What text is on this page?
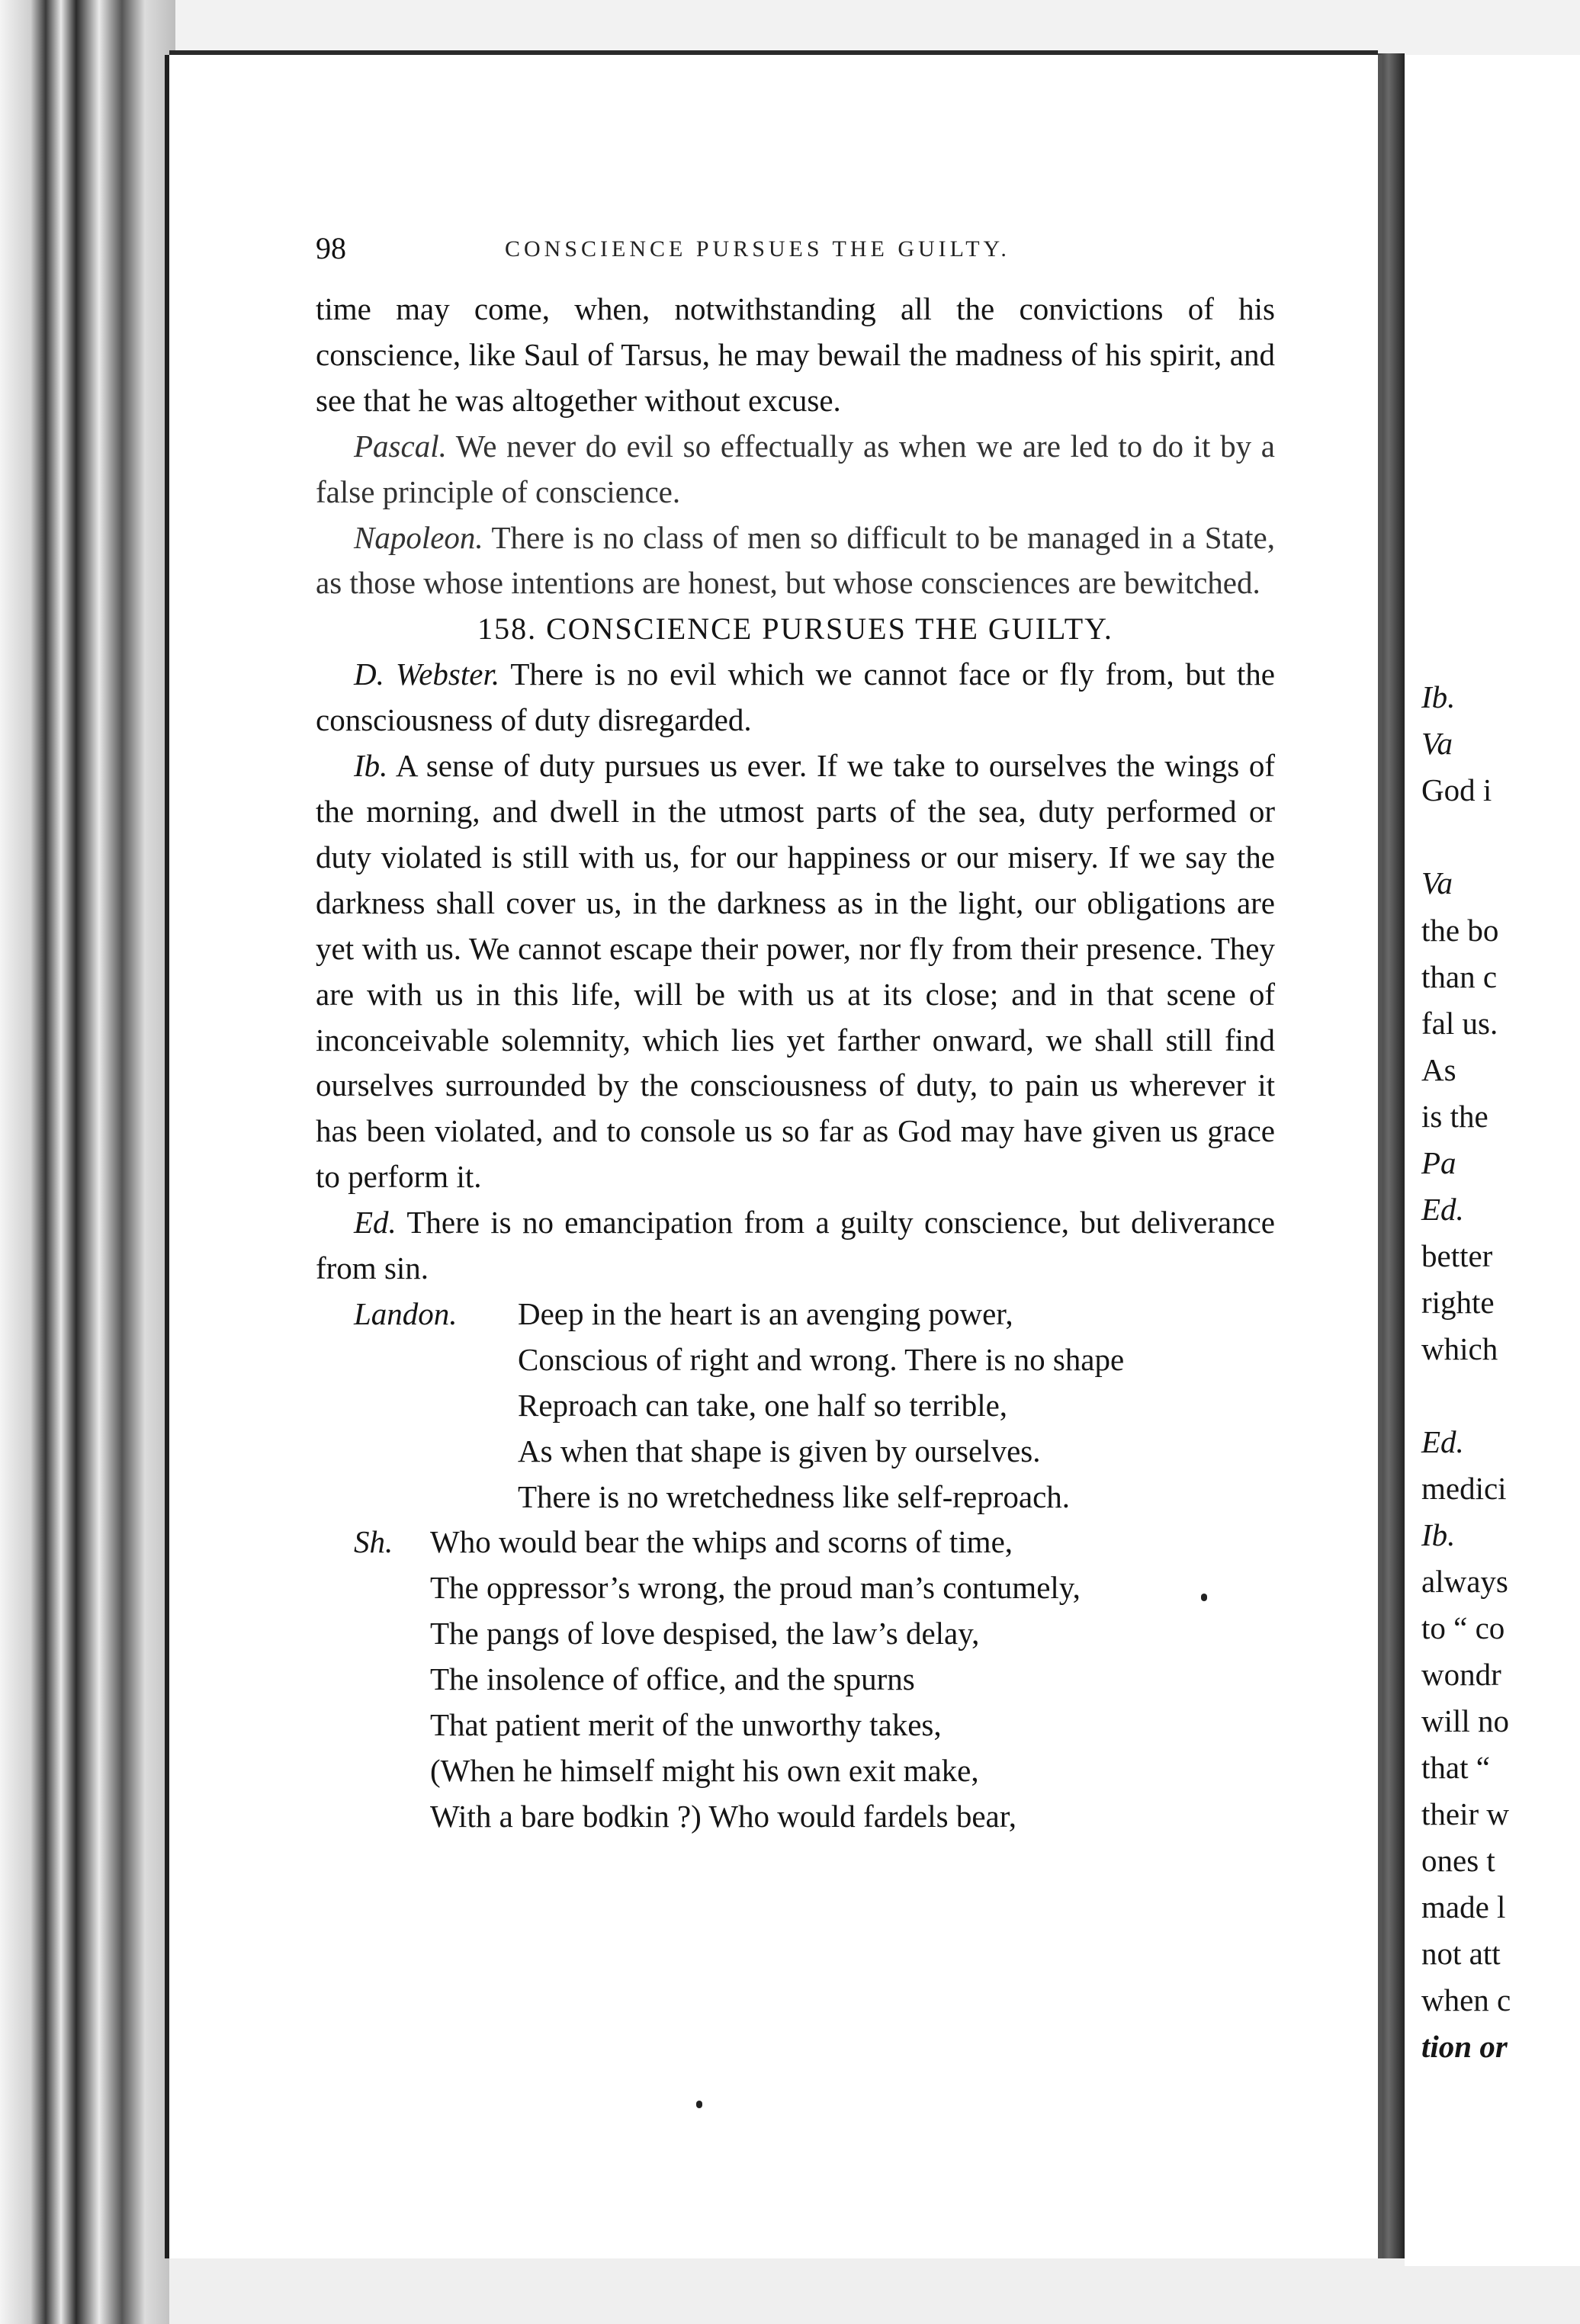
98	CONSCIENCE PURSUES THE GUILTY.

time may come, when, notwithstanding all the convictions of his conscience, like Saul of Tarsus, he may bewail the madness of his spirit, and see that he was altogether without excuse.

Pascal. We never do evil so effectually as when we are led to do it by a false principle of conscience.

Napoleon. There is no class of men so difficult to be managed in a State, as those whose intentions are honest, but whose consciences are bewitched.

158. CONSCIENCE PURSUES THE GUILTY.

D. Webster. There is no evil which we cannot face or fly from, but the consciousness of duty disregarded.

Ib. A sense of duty pursues us ever. If we take to ourselves the wings of the morning, and dwell in the utmost parts of the sea, duty performed or duty violated is still with us, for our happiness or our misery. If we say the darkness shall cover us, in the darkness as in the light, our obligations are yet with us. We cannot escape their power, nor fly from their presence. They are with us in this life, will be with us at its close; and in that scene of inconceivable solemnity, which lies yet farther onward, we shall still find ourselves surrounded by the consciousness of duty, to pain us wherever it has been violated, and to console us so far as God may have given us grace to perform it.

Ed. There is no emancipation from a guilty conscience, but deliverance from sin.

Landon.	Deep in the heart is an avenging power,
Conscious of right and wrong. There is no shape
Reproach can take, one half so terrible,
As when that shape is given by ourselves.
There is no wretchedness like self-reproach.
Sh.	Who would bear the whips and scorns of time,
The oppressor’s wrong, the proud man’s contumely,
The pangs of love despised, the law’s delay,
The insolence of office, and the spurns
That patient merit of the unworthy takes,
(When he himself might his own exit make,
With a bare bodkin ?) Who would fardels bear,
Ib.
Va
God i
Va
the bo
than c
fal us.
As
is the
Pa
Ed.
better
righte
which
Ed.
medici
Ib.
always
to “ co
wondr
will no
that “
their w
ones t
made l
not att
when c
tion or
